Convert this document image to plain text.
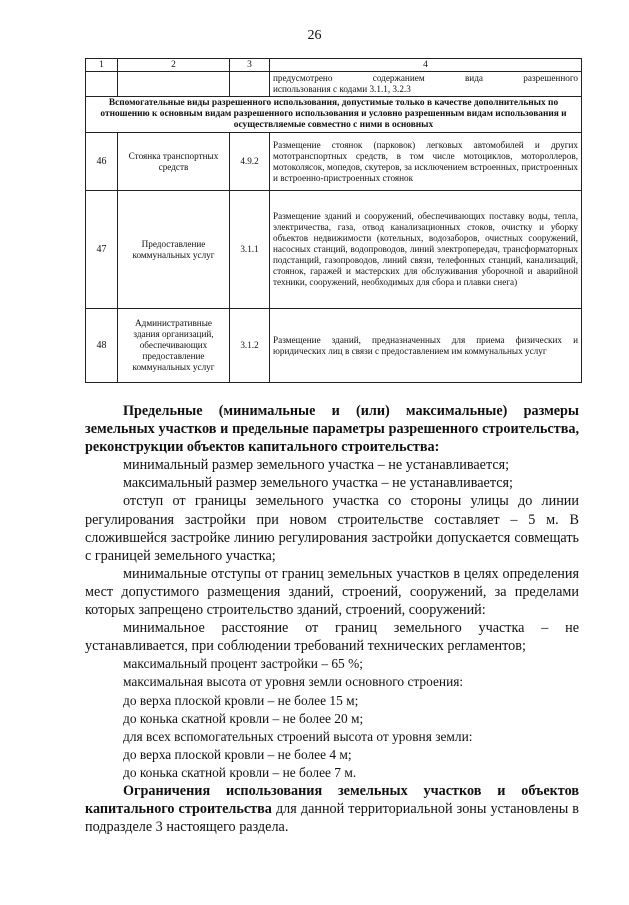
26
1	2	3	4

			предусмотрено содержанием вида разрешенного
использования с кодами 3.1.1, 3.2.3

Вспомогательные виды разрешенного использования, допустимые только в качестве дополнительных по отношению к основным видам разрешенного использования и условно разрешенным видам использования и осуществляемые совместно с ними в основных			
46	Стоянка транспортных средств	4.9.2	Размещение стоянок (парковок) легковых автомобилей и других мототранспортных средств, в том числе мотоциклов, мотороллеров, мотоколясок, мопедов, скутеров, за исключением встроенных, пристроенных и встроенно-пристроенных стоянок
47	Предоставление коммунальных услуг	3.1.1	Размещение зданий и сооружений, обеспечивающих поставку воды, тепла, электричества, газа, отвод канализационных стоков, очистку и уборку объектов недвижимости (котельных, водозаборов, очистных сооружений, насосных станций, водопроводов, линий электропередач, трансформаторных подстанций, газопроводов, линий связи, телефонных станций, канализаций, стоянок, гаражей и мастерских для обслуживания уборочной и аварийной техники, сооружений, необходимых для сбора и плавки снега)
48	Административные здания организаций, обеспечивающих предоставление коммунальных услуг	3.1.2	Размещение зданий, предназначенных для приема физических и юридических лиц в связи с предоставлением им коммунальных услуг

Предельные (минимальные и (или) максимальные) размеры земельных участков и предельные параметры разрешенного строительства, реконструкции объектов капитального строительства:

минимальный размер земельного участка – не устанавливается;

максимальный размер земельного участка – не устанавливается;

отступ от границы земельного участка со стороны улицы до линии регулирования застройки при новом строительстве составляет – 5 м. В сложившейся застройке линию регулирования застройки допускается совмещать с границей земельного участка;

минимальные отступы от границ земельных участков в целях определения мест допустимого размещения зданий, строений, сооружений, за пределами которых запрещено строительство зданий, строений, сооружений:

минимальное расстояние от границ земельного участка – не устанавливается, при соблюдении требований технических регламентов;

максимальный процент застройки – 65 %;

максимальная высота от уровня земли основного строения:

до верха плоской кровли – не более 15 м;

до конька скатной кровли – не более 20 м;

для всех вспомогательных строений высота от уровня земли:

до верха плоской кровли – не более 4 м;

до конька скатной кровли – не более 7 м.

Ограничения использования земельных участков и объектов капитального строительства для данной территориальной зоны установлены в подразделе 3 настоящего раздела.
